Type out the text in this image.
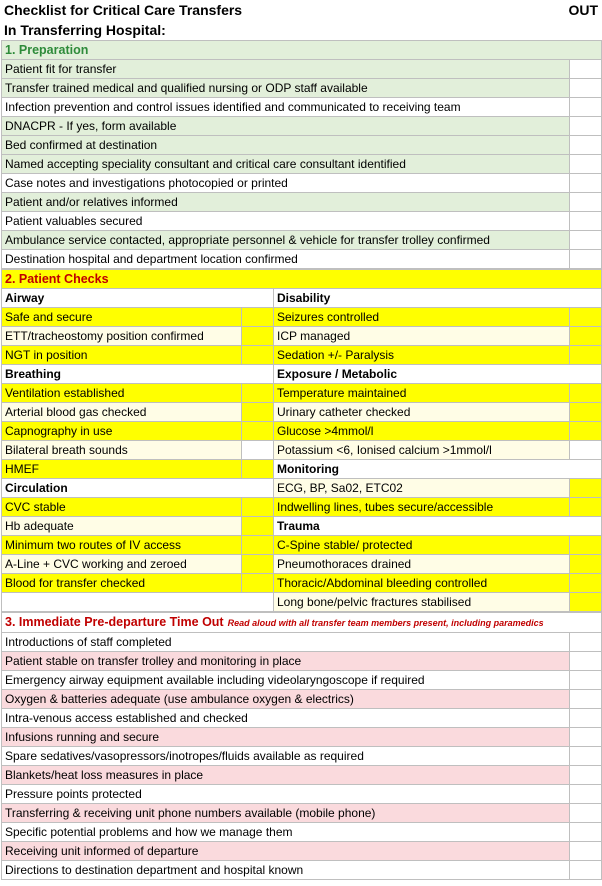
Checklist for Critical Care Transfers	OUT
In Transferring Hospital:
1. Preparation	
Patient fit for transfer	
Transfer trained medical and qualified nursing or ODP staff available	
Infection prevention and control issues identified and communicated to receiving team	
DNACPR - If yes, form available	
Bed confirmed at destination	
Named accepting speciality consultant and critical care consultant identified	
Case notes and investigations photocopied or printed	
Patient and/or relatives informed	
Patient valuables secured	
Ambulance service contacted, appropriate personnel & vehicle for transfer trolley confirmed	
Destination hospital and department location confirmed	
2. Patient Checks			
Airway		Disability	
Safe and secure		Seizures controlled	
ETT/tracheostomy position confirmed		ICP managed	
NGT in position		Sedation +/- Paralysis	
Breathing		Exposure / Metabolic	
Ventilation established		Temperature maintained	
Arterial blood gas checked		Urinary catheter checked	
Capnography in use		Glucose >4mmol/l	
Bilateral breath sounds		Potassium <6, Ionised calcium >1mmol/l	
HMEF		Monitoring	
Circulation		ECG, BP, Sa02, ETC02	
CVC stable		Indwelling lines, tubes secure/accessible	
Hb adequate		Trauma	
Minimum two routes of IV access		C-Spine stable/ protected	
A-Line + CVC working and zeroed		Pneumothoraces drained	
Blood for transfer checked		Thoracic/Abdominal bleeding controlled	
		Long bone/pelvic fractures stabilised	
3. Immediate Pre-departure Time Out Read aloud with all transfer team members present, including paramedics	
Introductions of staff completed	
Patient stable on transfer trolley and monitoring in place	
Emergency airway equipment available including videolaryngoscope if required	
Oxygen & batteries adequate (use ambulance oxygen & electrics)	
Intra-venous access established and checked	
Infusions running and secure	
Spare sedatives/vasopressors/inotropes/fluids available as required	
Blankets/heat loss measures in place	
Pressure points protected	
Transferring & receiving unit phone numbers available (mobile phone)	
Specific potential problems and how we manage them	
Receiving unit informed of departure	
Directions to destination department and hospital known	
